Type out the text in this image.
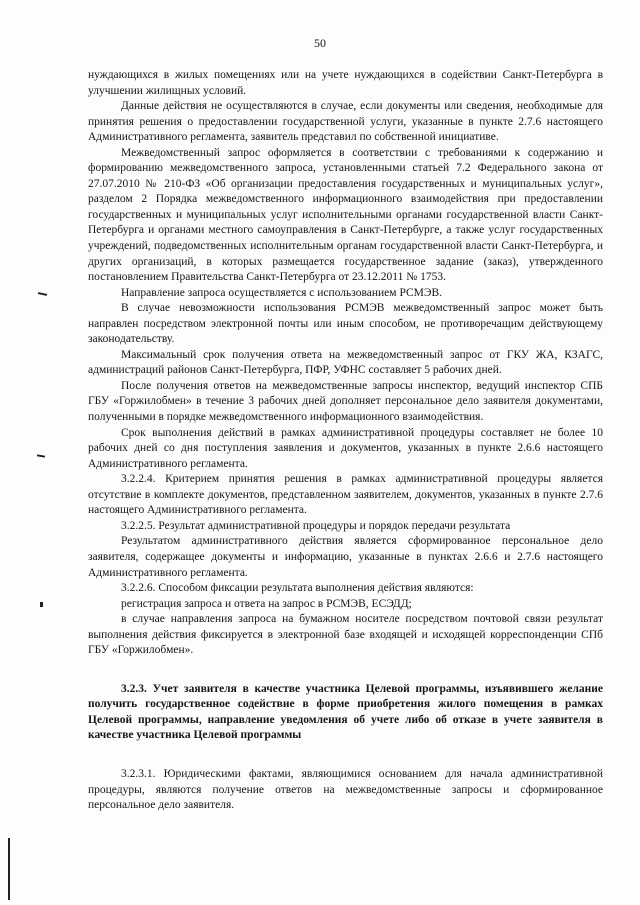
50

нуждающихся в жилых помещениях или на учете нуждающихся в содействии Санкт-Петербурга в улучшении жилищных условий.

Данные действия не осуществляются в случае, если документы или сведения, необходимые для принятия решения о предоставлении государственной услуги, указанные в пункте 2.7.6 настоящего Административного регламента, заявитель представил по собственной инициативе.

Межведомственный запрос оформляется в соответствии с требованиями к содержанию и формированию межведомственного запроса, установленными статьей 7.2 Федерального закона от 27.07.2010 № 210-ФЗ «Об организации предоставления государственных и муниципальных услуг», разделом 2 Порядка межведомственного информационного взаимодействия при предоставлении государственных и муниципальных услуг исполнительными органами государственной власти Санкт-Петербурга и органами местного самоуправления в Санкт-Петербурге, а также услуг государственных учреждений, подведомственных исполнительным органам государственной власти Санкт-Петербурга, и других организаций, в которых размещается государственное задание (заказ), утвержденного постановлением Правительства Санкт-Петербурга от 23.12.2011 № 1753.

Направление запроса осуществляется с использованием РСМЭВ.

В случае невозможности использования РСМЭВ межведомственный запрос может быть направлен посредством электронной почты или иным способом, не противоречащим действующему законодательству.

Максимальный срок получения ответа на межведомственный запрос от ГКУ ЖА, КЗАГС, администраций районов Санкт-Петербурга, ПФР, УФНС составляет 5 рабочих дней.

После получения ответов на межведомственные запросы инспектор, ведущий инспектор СПБ ГБУ «Горжилобмен» в течение 3 рабочих дней дополняет персональное дело заявителя документами, полученными в порядке межведомственного информационного взаимодействия.

Срок выполнения действий в рамках административной процедуры составляет не более 10 рабочих дней со дня поступления заявления и документов, указанных в пункте 2.6.6 настоящего Административного регламента.

3.2.2.4. Критерием принятия решения в рамках административной процедуры является отсутствие в комплекте документов, представленном заявителем, документов, указанных в пункте 2.7.6 настоящего Административного регламента.

3.2.2.5. Результат административной процедуры и порядок передачи результата

Результатом административного действия является сформированное персональное дело заявителя, содержащее документы и информацию, указанные в пунктах 2.6.6 и 2.7.6 настоящего Административного регламента.

3.2.2.6. Способом фиксации результата выполнения действия являются:

регистрация запроса и ответа на запрос в РСМЭВ, ЕСЭДД;

в случае направления запроса на бумажном носителе посредством почтовой связи результат выполнения действия фиксируется в электронной базе входящей и исходящей корреспонденции СПб ГБУ «Горжилобмен».

3.2.3. Учет заявителя в качестве участника Целевой программы, изъявившего желание получить государственное содействие в форме приобретения жилого помещения в рамках Целевой программы, направление уведомления об учете либо об отказе в учете заявителя в качестве участника Целевой программы

3.2.3.1. Юридическими фактами, являющимися основанием для начала административной процедуры, являются получение ответов на межведомственные запросы и сформированное персональное дело заявителя.
